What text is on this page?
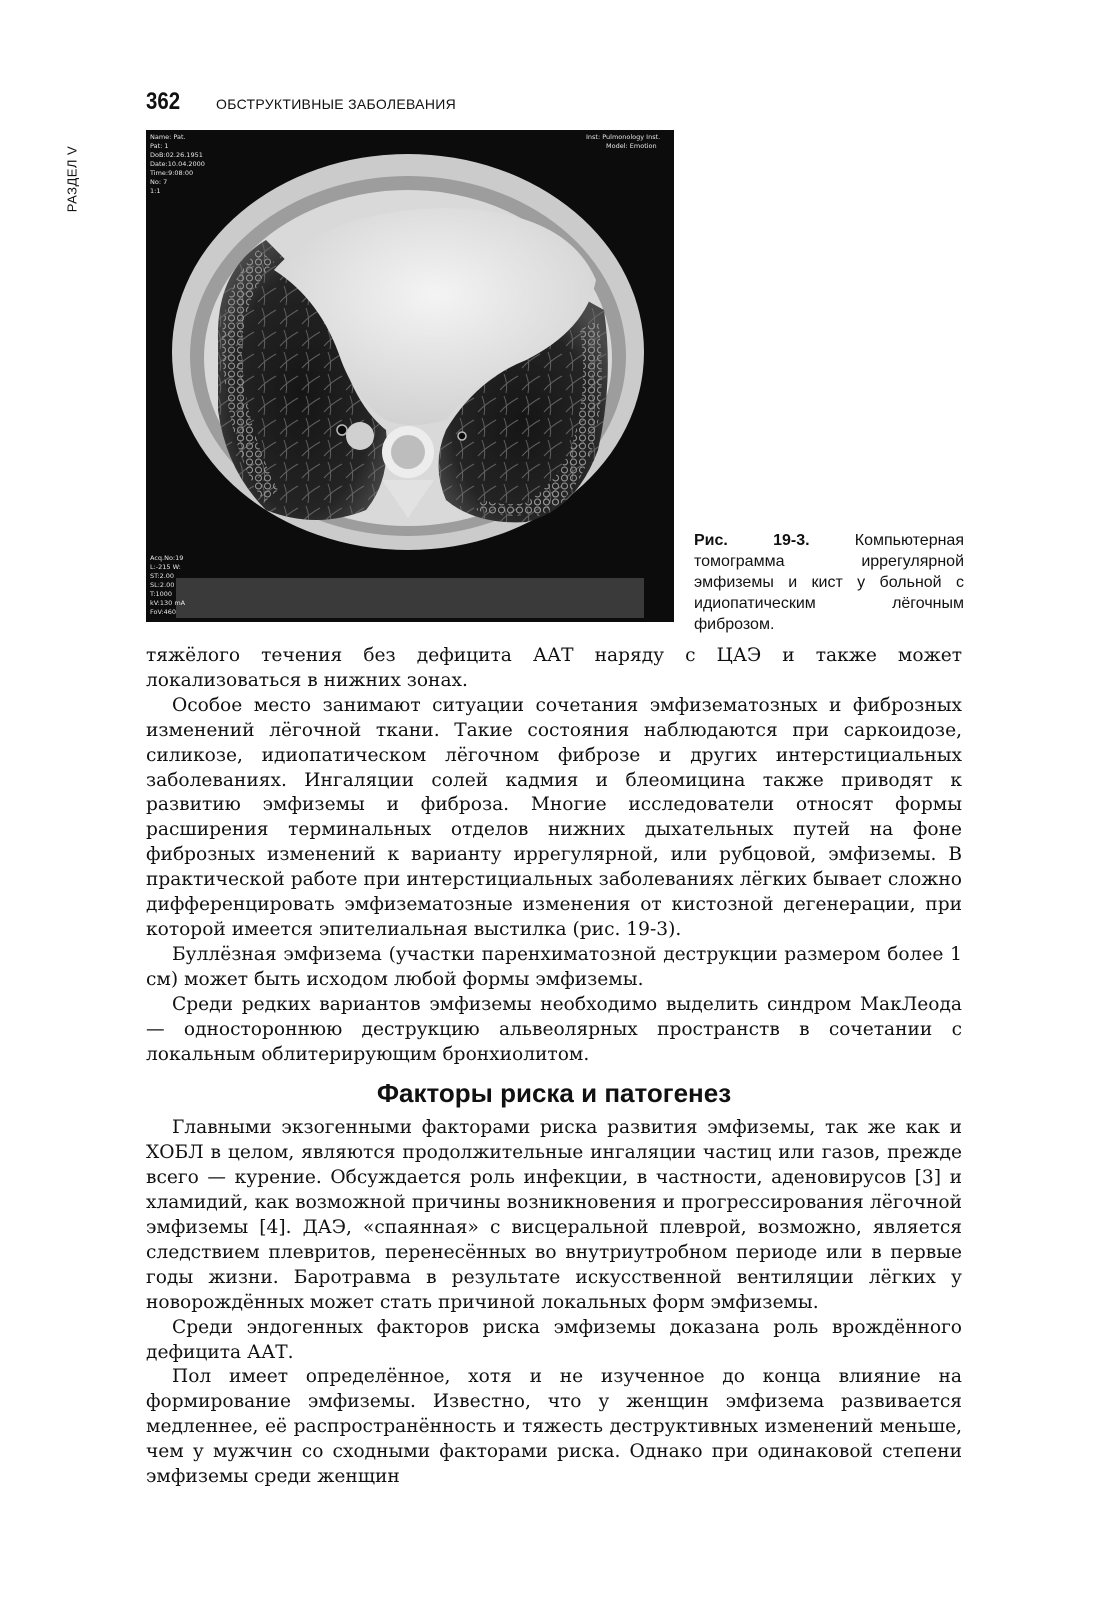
РАЗДЕЛ V
362	ОБСТРУКТИВНЫЕ ЗАБОЛЕВАНИЯ
Name: Pat.
Pat: 1
DoB:02.26.1951
Date:10.04.2000
Time:9:08:00
No: 7
1:1
Inst: Pulmonology Inst.
Model: Emotion
Acq.No:19
L:-215 W:
ST:2.00
SL:2.00
T:1000
kV:130 mA
FoV:460
Рис. 19-3.	Компьютерная томограмма иррегулярной эмфиземы и кист у больной с идиопатическим лёгочным фиброзом.

тяжёлого течения без дефицита ААТ наряду с ЦАЭ и также может локализоваться в нижних зонах.

Особое место занимают ситуации сочетания эмфизематозных и фиброзных изменений лёгочной ткани. Такие состояния наблюдаются при саркоидозе, силикозе, идиопатическом лёгочном фиброзе и других интерстициальных заболеваниях. Ингаляции солей кадмия и блеомицина также приводят к развитию эмфиземы и фиброза. Многие исследователи относят формы расширения терминальных отделов нижних дыхательных путей на фоне фиброзных изменений к варианту иррегулярной, или рубцовой, эмфиземы. В практической работе при интерстициальных заболеваниях лёгких бывает сложно дифференцировать эмфизематозные изменения от кистозной дегенерации, при которой имеется эпителиальная выстилка (рис. 19-3).

Буллёзная эмфизема (участки паренхиматозной деструкции размером более 1 см) может быть исходом любой формы эмфиземы.

Среди редких вариантов эмфиземы необходимо выделить синдром МакЛеода — одностороннюю деструкцию альвеолярных пространств в сочетании с локальным облитерирующим бронхиолитом.

Факторы риска и патогенез

Главными экзогенными факторами риска развития эмфиземы, так же как и ХОБЛ в целом, являются продолжительные ингаляции частиц или газов, прежде всего — курение. Обсуждается роль инфекции, в частности, аденовирусов [3] и хламидий, как возможной причины возникновения и прогрессирования лёгочной эмфиземы [4]. ДАЭ, «спаянная» с висцеральной плеврой, возможно, является следствием плевритов, перенесённых во внутриутробном периоде или в первые годы жизни. Баротравма в результате искусственной вентиляции лёгких у новорождённых может стать причиной локальных форм эмфиземы.

Среди эндогенных факторов риска эмфиземы доказана роль врождённого дефицита ААТ.

Пол имеет определённое, хотя и не изученное до конца влияние на формирование эмфиземы. Известно, что у женщин эмфизема развивается медленнее, её распространённость и тяжесть деструктивных изменений меньше, чем у мужчин со сходными факторами риска. Однако при одинаковой степени эмфиземы среди женщин
